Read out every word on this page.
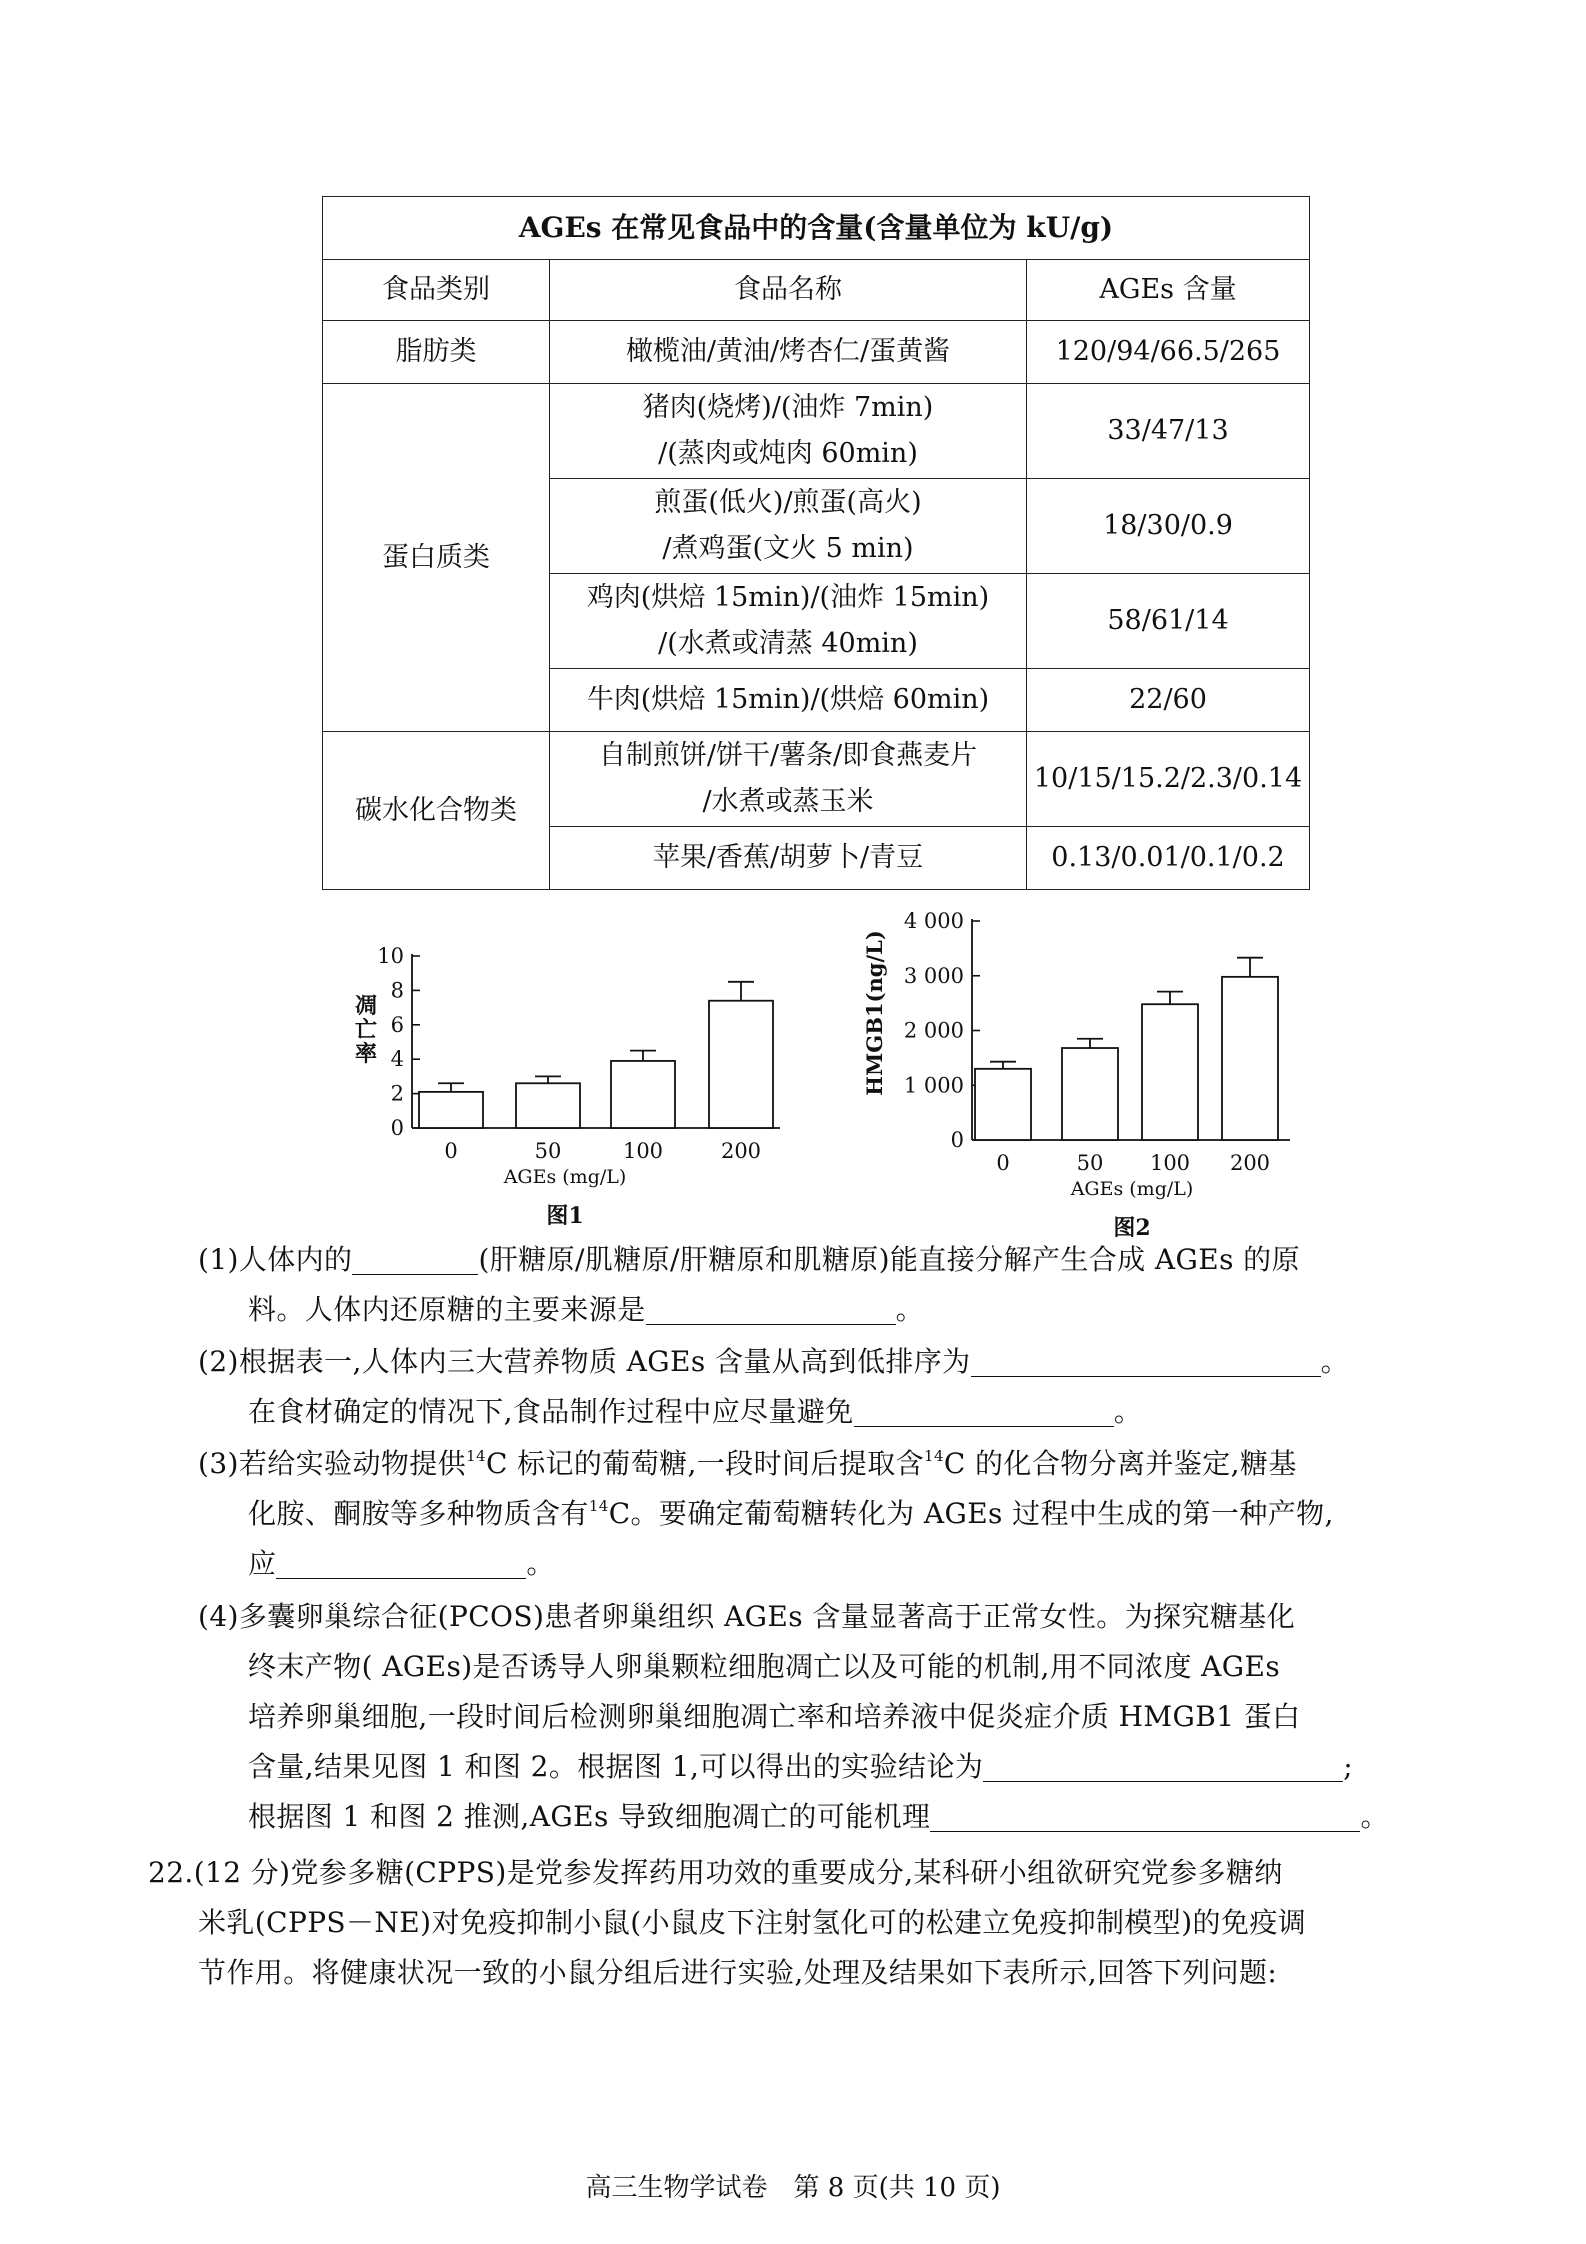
AGEs 在常见食品中的含量(含量单位为 kU/g)		
食品类别	食品名称	AGEs 含量
脂肪类	橄榄油/黄油/烤杏仁/蛋黄酱	120/94/66.5/265
蛋白质类	猪肉(烧烤)/(油炸 7min)
/(蒸肉或炖肉 60min)	33/47/13
	煎蛋(低火)/煎蛋(高火)
/煮鸡蛋(文火 5 min)	18/30/0.9
	鸡肉(烘焙 15min)/(油炸 15min)
/(水煮或清蒸 40min)	58/61/14
	牛肉(烘焙 15min)/(烘焙 60min)	22/60
碳水化合物类	自制煎饼/饼干/薯条/即食燕麦片
/水煮或蒸玉米	10/15/15.2/2.3/0.14
	苹果/香蕉/胡萝卜/青豆	0.13/0.01/0.1/0.2
0
2
4
6
8
10
0	50	100	200
AGEs (mg/L)
凋
亡
率
图1
0
1 000
2 000
3 000
4 000
0	50 100 200
AGEs (mg/L)
HMGB1(ng/L)
图2
(1)人体内的	(肝糖原/肌糖原/肝糖原和肌糖原)能直接分解产生合成 AGEs 的原
料。人体内还原糖的主要来源是	。
(2)根据表一,人体内三大营养物质 AGEs 含量从高到低排序为	。
在食材确定的情况下,食品制作过程中应尽量避免	。
(3)若给实验动物提供$^{14}$C 标记的葡萄糖,一段时间后提取含$^{14}$C 的化合物分离并鉴定,糖基
化胺、酮胺等多种物质含有$^{14}$C。要确定葡萄糖转化为 AGEs 过程中生成的第一种产物,
应	。
(4)多囊卵巢综合征(PCOS)患者卵巢组织 AGEs 含量显著高于正常女性。为探究糖基化
终末产物( AGEs)是否诱导人卵巢颗粒细胞凋亡以及可能的机制,用不同浓度 AGEs
培养卵巢细胞,一段时间后检测卵巢细胞凋亡率和培养液中促炎症介质 HMGB1 蛋白
含量,结果见图 1 和图 2。根据图 1,可以得出的实验结论为	;
根据图 1 和图 2 推测,AGEs 导致细胞凋亡的可能机理	。
22.(12 分)党参多糖(CPPS)是党参发挥药用功效的重要成分,某科研小组欲研究党参多糖纳
米乳(CPPS－NE)对免疫抑制小鼠(小鼠皮下注射氢化可的松建立免疫抑制模型)的免疫调
节作用。将健康状况一致的小鼠分组后进行实验,处理及结果如下表所示,回答下列问题:
高三生物学试卷　第 8 页(共 10 页)
